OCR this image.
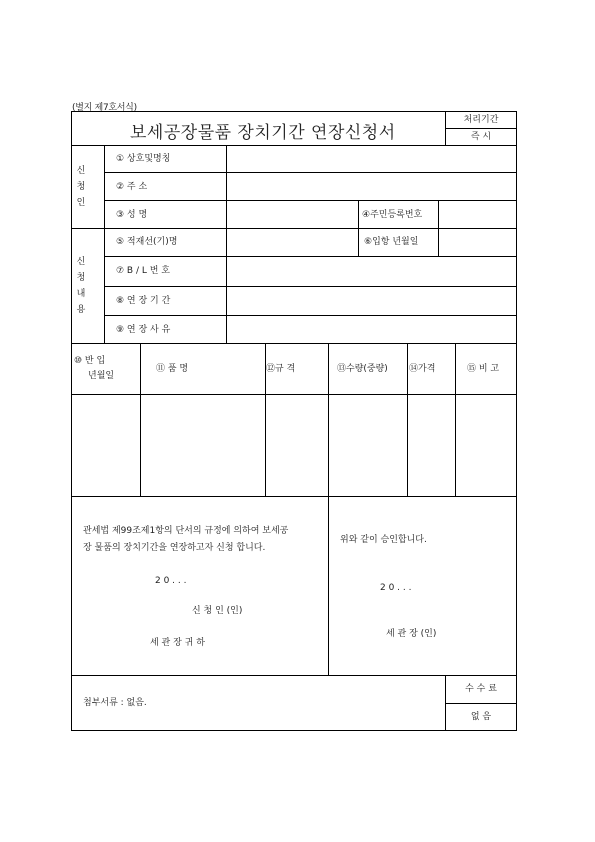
(별지 제7호서식)
보세공장물품 장치기간 연장신청서
처리기간
즉 시
신
청
인
신
청
내
용
① 상호및명칭
② 주 소
③ 성 명	④주민등록번호
⑤ 적재선(기)명	⑥입항 년월일
⑦ B / L 번 호
⑧ 연 장 기 간
⑨ 연 장 사 유
⑩ 반 입
년월일
⑪ 품 명	⑫규 격	⑬수량(중량) ⑭가격	⑮ 비 고
관세법 제99조제1항의 단서의 규정에 의하여 보세공
장 물품의 장치기간을 연장하고자 신청 합니다.
2 0 . . .
신 청 인 (인)
세 관 장 귀 하
위와 같이 승인합니다.
2 0 . . .
세 관 장 (인)
첨부서류 : 없음.
수 수 료
없 음
